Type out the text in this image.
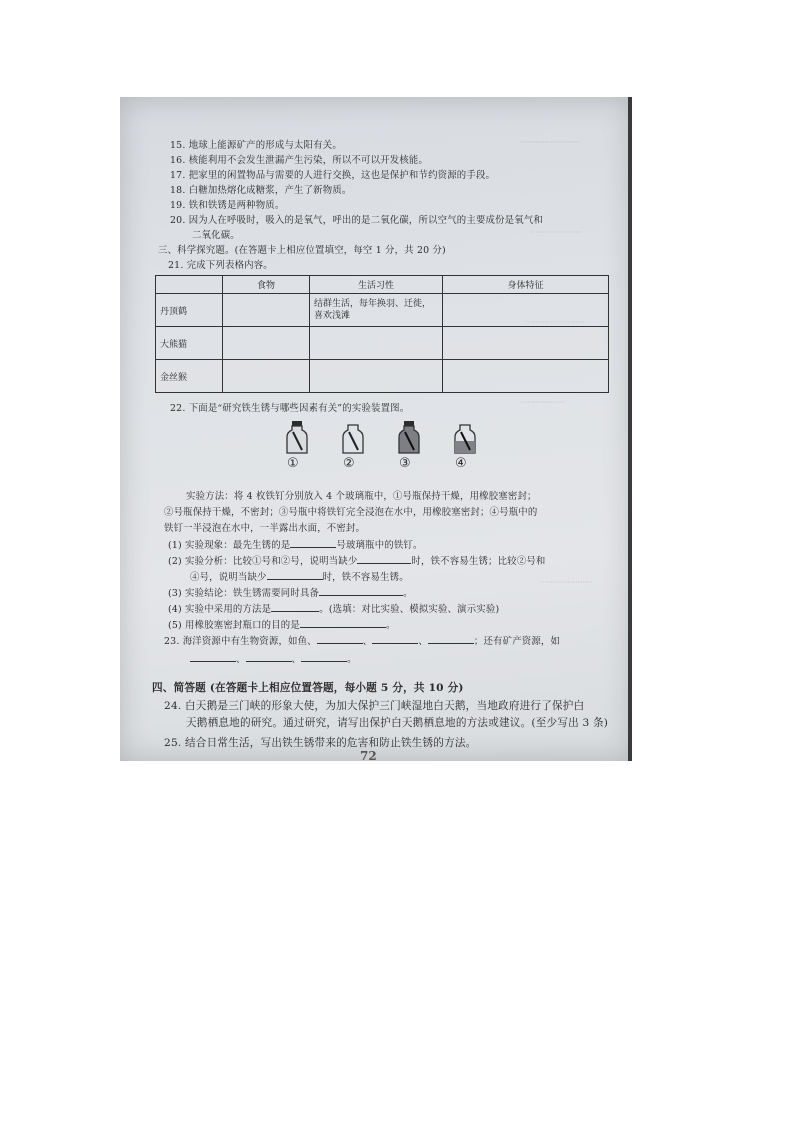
⋯⋯⋯⋯⋯⋯⋯⋯
⋯⋯⋯⋯⋯⋯⋯
⋯⋯⋯⋯⋯⋯⋯⋯
⋯⋯⋯⋯⋯⋯
⋯⋯⋯⋯⋯⋯⋯
15. 地球上能源矿产的形成与太阳有关。
16. 核能利用不会发生泄漏产生污染，所以不可以开发核能。
17. 把家里的闲置物品与需要的人进行交换，这也是保护和节约资源的手段。
18. 白糖加热熔化成糖浆，产生了新物质。
19. 铁和铁锈是两种物质。
20. 因为人在呼吸时，吸入的是氧气，呼出的是二氧化碳，所以空气的主要成份是氧气和
二氧化碳。
三、科学探究题。(在答题卡上相应位置填空，每空 1 分，共 20 分)
21. 完成下列表格内容。
	食物	生活习性	身体特征
丹顶鹤		结群生活，每年换羽、迁徙，喜欢浅滩	
大熊猫			
金丝猴			
22. 下面是“研究铁生锈与哪些因素有关”的实验装置图。
①	②	③	④
实验方法：将 4 枚铁钉分别放入 4 个玻璃瓶中，①号瓶保持干燥，用橡胶塞密封；
②号瓶保持干燥，不密封；③号瓶中将铁钉完全浸泡在水中，用橡胶塞密封；④号瓶中的
铁钉一半浸泡在水中，一半露出水面，不密封。
(1) 实验现象：最先生锈的是	号玻璃瓶中的铁钉。
(2) 实验分析：比较①号和②号，说明当缺少	时，铁不容易生锈；比较②号和
④号，说明当缺少	时，铁不容易生锈。
(3) 实验结论：铁生锈需要同时具备	。
(4) 实验中采用的方法是	。(选填：对比实验、模拟实验、演示实验)
(5) 用橡胶塞密封瓶口的目的是	。
23. 海洋资源中有生物资源，如鱼、	、	、	；还有矿产资源，如
、	、	。
四、简答题 (在答题卡上相应位置答题，每小题 5 分，共 10 分)
24. 白天鹅是三门峡的形象大使，为加大保护三门峡湿地白天鹅，当地政府进行了保护白
天鹅栖息地的研究。通过研究，请写出保护白天鹅栖息地的方法或建议。(至少写出 3 条)
25. 结合日常生活，写出铁生锈带来的危害和防止铁生锈的方法。
72
